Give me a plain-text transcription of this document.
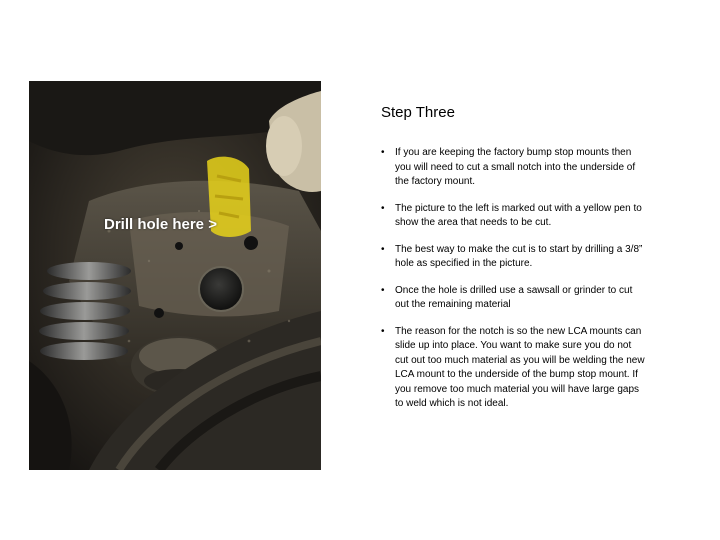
Drill hole here >
Step Three
• If you are keeping the factory bump stop mounts then you will need to cut a small notch into the underside of the factory mount.
• The picture to the left is marked out with a yellow pen to show the area that needs to be cut.
• The best way to make the cut is to start by drilling a 3/8” hole as specified in the picture.
• Once the hole is drilled use a sawsall or grinder to cut out the remaining material
• The reason for the notch is so the new LCA mounts can slide up into place. You want to make sure you do not cut out too much material as you will be welding the new LCA mount to the underside of the bump stop mount. If you remove too much material you will have large gaps to weld which is not ideal.
